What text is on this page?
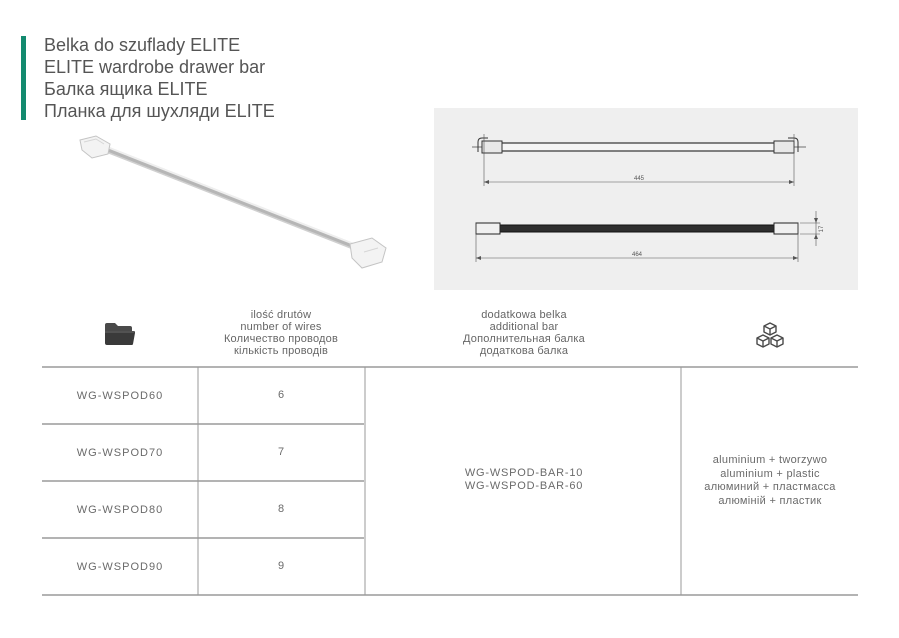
Belka do szuflady ELITE
ELITE wardrobe drawer bar
Балка ящика ELITE
Планка для шухляди ELITE
445
464
17
ilość drutów
number of wires
Количество проводов
кількість проводів
dodatkowa belka
additional bar
Дополнительная балка
додаткова балка
WG-WSPOD60	6
WG-WSPOD70	7
WG-WSPOD80	8
WG-WSPOD90	9
WG-WSPOD-BAR-10
WG-WSPOD-BAR-60
aluminium + tworzywo
aluminium + plastic
алюминий + пластмасса
алюміній + пластик
